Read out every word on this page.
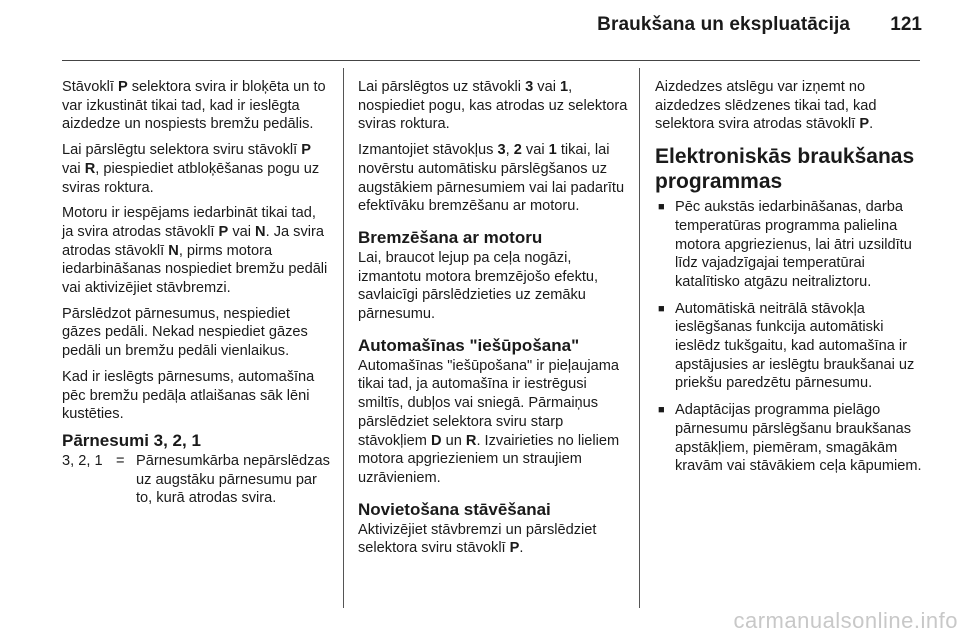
Braukšana un ekspluatācija	121

Stāvoklī P selektora svira ir bloķēta un to var izkustināt tikai tad, kad ir ieslēgta aizdedze un nospiests bremžu pedālis.

Lai pārslēgtu selektora sviru stāvoklī P vai R, piespiediet atbloķēšanas pogu uz sviras roktura.

Motoru ir iespējams iedarbināt tikai tad, ja svira atrodas stāvoklī P vai N. Ja svira atrodas stāvoklī N, pirms motora iedarbināšanas nospiediet bremžu pedāli vai aktivizējiet stāvbremzi.

Pārslēdzot pārnesumus, nespiediet gāzes pedāli. Nekad nespiediet gāzes pedāli un bremžu pedāli vienlaikus.

Kad ir ieslēgts pārnesums, automašīna pēc bremžu pedāļa atlaišanas sāk lēni kustēties.

Pārnesumi 3, 2, 1
3, 2, 1 = Pārnesumkārba nepārslēdzas uz augstāku pārnesumu par to, kurā atrodas svira.

Lai pārslēgtos uz stāvokli 3 vai 1, nospiediet pogu, kas atrodas uz selektora sviras roktura.

Izmantojiet stāvokļus 3, 2 vai 1 tikai, lai novērstu automātisku pārslēgšanos uz augstākiem pārnesumiem vai lai padarītu efektīvāku bremzēšanu ar motoru.

Bremzēšana ar motoru

Lai, braucot lejup pa ceļa nogāzi, izmantotu motora bremzējošo efektu, savlaicīgi pārslēdzieties uz zemāku pārnesumu.

Automašīnas "iešūpošana"

Automašīnas "iešūpošana" ir pieļaujama tikai tad, ja automašīna ir iestrēgusi smiltīs, dubļos vai sniegā. Pārmaiņus pārslēdziet selektora sviru starp stāvokļiem D un R. Izvairieties no lieliem motora apgriezieniem un straujiem uzrāvieniem.

Novietošana stāvēšanai

Aktivizējiet stāvbremzi un pārslēdziet selektora sviru stāvoklī P.

Aizdedzes atslēgu var izņemt no aizdedzes slēdzenes tikai tad, kad selektora svira atrodas stāvoklī P.

Elektroniskās braukšanas programmas
■ Pēc aukstās iedarbināšanas, darba temperatūras programma palielina motora apgriezienus, lai ātri uzsildītu līdz vajadzīgajai temperatūrai katalītisko atgāzu neitraliztoru.
■ Automātiskā neitrālā stāvokļa ieslēgšanas funkcija automātiski ieslēdz tukšgaitu, kad automašīna ir apstājusies ar ieslēgtu braukšanai uz priekšu paredzētu pārnesumu.
■ Adaptācijas programma pielāgo pārnesumu pārslēgšanu braukšanas apstākļiem, piemēram, smagākām kravām vai stāvākiem ceļa kāpumiem.
carmanualsonline.info
